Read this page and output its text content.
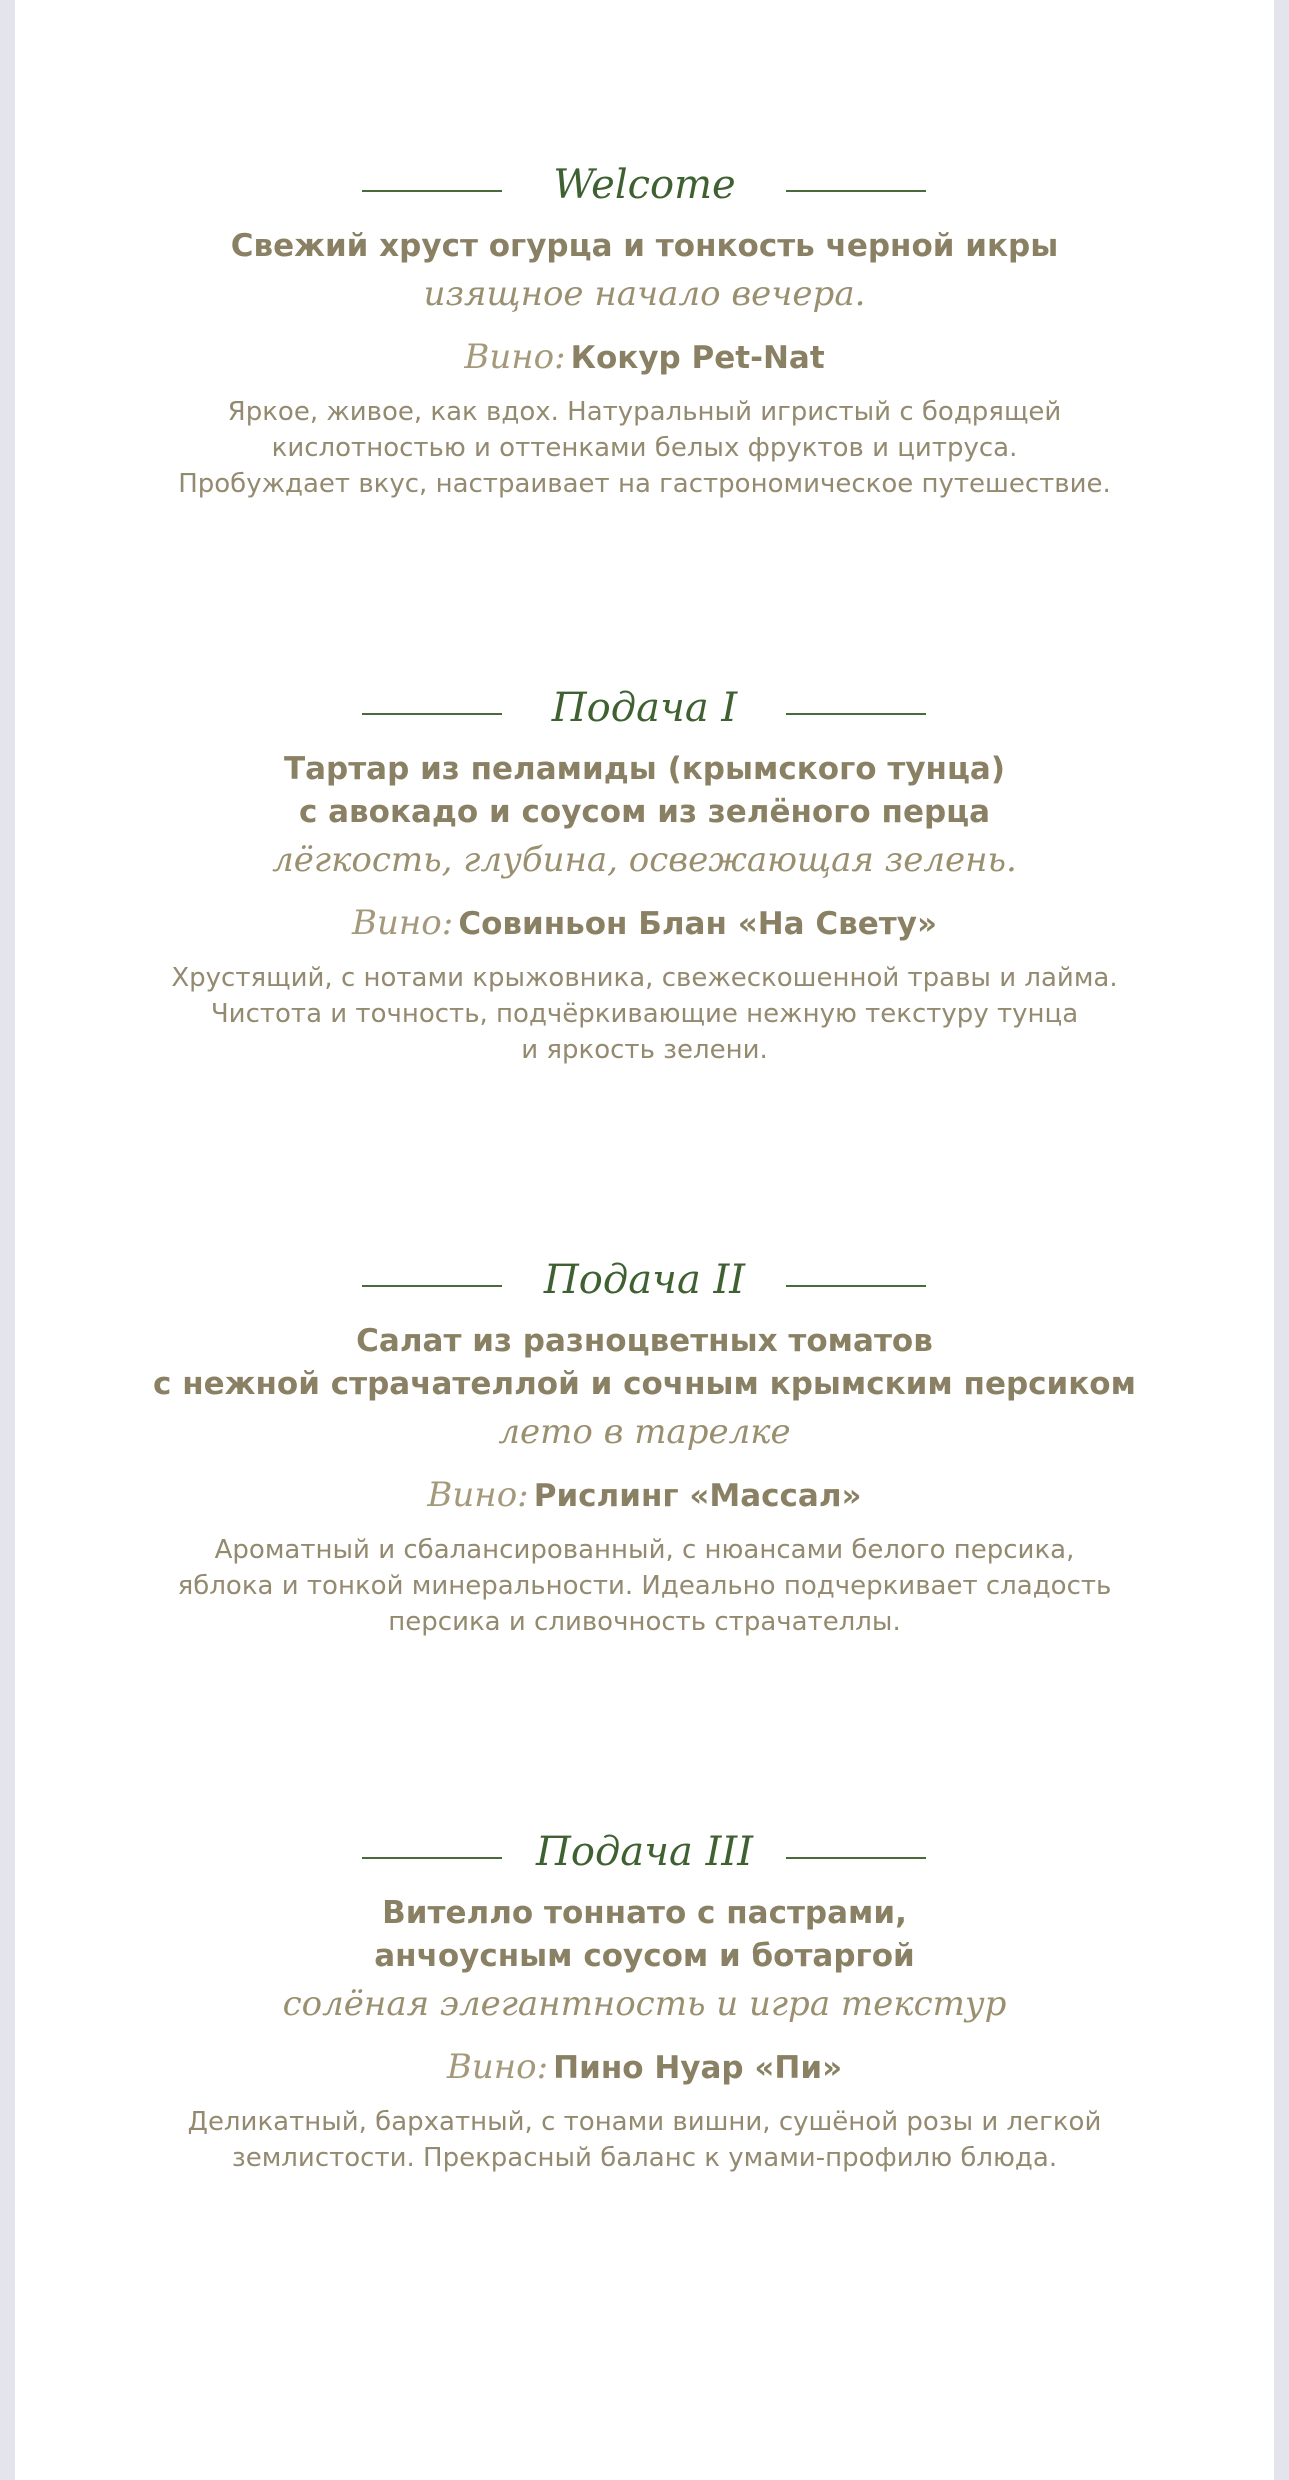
Welcome
Свежий хруст огурца и тонкость черной икры
изящное начало вечера.
Вино: Кокур Pet-Nat
Яркое, живое, как вдох. Натуральный игристый с бодрящей
кислотностью и оттенками белых фруктов и цитруса.
Пробуждает вкус, настраивает на гастрономическое путешествие.
Подача I
Тартар из пеламиды (крымского тунца)
с авокадо и соусом из зелёного перца
лёгкость, глубина, освежающая зелень.
Вино: Совиньон Блан «На Свету»
Хрустящий, с нотами крыжовника, свежескошенной травы и лайма.
Чистота и точность, подчёркивающие нежную текстуру тунца
и яркость зелени.
Подача II
Салат из разноцветных томатов
с нежной страчателлой и сочным крымским персиком
лето в тарелке
Вино: Рислинг «Массал»
Ароматный и сбалансированный, с нюансами белого персика,
яблока и тонкой минеральности. Идеально подчеркивает сладость
персика и сливочность страчателлы.
Подача III
Вителло тоннато с пастрами,
анчоусным соусом и ботаргой
солёная элегантность и игра текстур
Вино: Пино Нуар «Пи»
Деликатный, бархатный, с тонами вишни, сушёной розы и легкой
землистости. Прекрасный баланс к умами-профилю блюда.
